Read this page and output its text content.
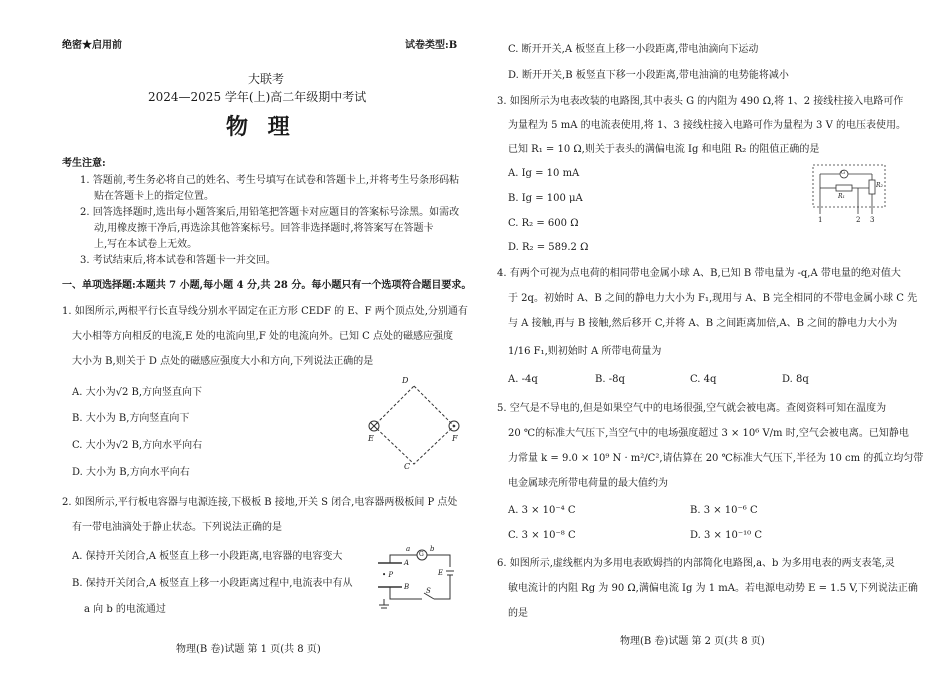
绝密★启用前	试卷类型:B
大联考
2024—2025 学年(上)高二年级期中考试
物 理
考生注意:
1. 答题前,考生务必将自己的姓名、考生号填写在试卷和答题卡上,并将考生号条形码粘
贴在答题卡上的指定位置。
2. 回答选择题时,选出每小题答案后,用铅笔把答题卡对应题目的答案标号涂黑。如需改
动,用橡皮擦干净后,再选涂其他答案标号。回答非选择题时,将答案写在答题卡
上,写在本试卷上无效。
3. 考试结束后,将本试卷和答题卡一并交回。
一、单项选择题:本题共 7 小题,每小题 4 分,共 28 分。每小题只有一个选项符合题目要求。
1. 如图所示,两根平行长直导线分别水平固定在正方形 CEDF 的 E、F 两个顶点处,分别通有
大小相等方向相反的电流,E 处的电流向里,F 处的电流向外。已知 C 点处的磁感应强度
大小为 B,则关于 D 点处的磁感应强度大小和方向,下列说法正确的是
A. 大小为√2 B,方向竖直向下
B. 大小为 B,方向竖直向下
C. 大小为√2 B,方向水平向右
D. 大小为 B,方向水平向右
D
E	F
C
2. 如图所示,平行板电容器与电源连接,下极板 B 接地,开关 S 闭合,电容器两极板间 P 点处
有一带电油滴处于静止状态。下列说法正确的是
A. 保持开关闭合,A 板竖直上移一小段距离,电容器的电容变大
B. 保持开关闭合,A 板竖直上移一小段距离过程中,电流表中有从
a 向 b 的电流通过
a
G
b
A
• P
B
E
S
物理(B 卷)试题 第 1 页(共 8 页)
C. 断开开关,A 板竖直上移一小段距离,带电油滴向下运动
D. 断开开关,B 板竖直下移一小段距离,带电油滴的电势能将减小
3. 如图所示为电表改装的电路图,其中表头 G 的内阻为 490 Ω,将 1、2 接线柱接入电路可作
为量程为 5 mA 的电流表使用,将 1、3 接线柱接入电路可作为量程为 3 V 的电压表使用。
已知 R₁ = 10 Ω,则关于表头的满偏电流 Ig 和电阻 R₂ 的阻值正确的是
A. Ig = 10 mA
B. Ig = 100 μA
C. R₂ = 600 Ω
D. R₂ = 589.2 Ω
G
R₁
R₂
1	2 3
4. 有两个可视为点电荷的相同带电金属小球 A、B,已知 B 带电量为 -q,A 带电量的绝对值大
于 2q。初始时 A、B 之间的静电力大小为 F₁,现用与 A、B 完全相同的不带电金属小球 C 先
与 A 接触,再与 B 接触,然后移开 C,并将 A、B 之间距离加倍,A、B 之间的静电力大小为
1/16 F₁,则初始时 A 所带电荷量为
A. -4q	B. -8q	C. 4q	D. 8q
5. 空气是不导电的,但是如果空气中的电场很强,空气就会被电离。查阅资料可知在温度为
20 ℃的标准大气压下,当空气中的电场强度超过 3 × 10⁶ V/m 时,空气会被电离。已知静电
力常量 k = 9.0 × 10⁹ N · m²/C²,请估算在 20 ℃标准大气压下,半径为 10 cm 的孤立均匀带
电金属球壳所带电荷量的最大值约为
A. 3 × 10⁻⁴ C	B. 3 × 10⁻⁶ C
C. 3 × 10⁻⁸ C	D. 3 × 10⁻¹⁰ C
6. 如图所示,虚线框内为多用电表欧姆挡的内部简化电路图,a、b 为多用电表的两支表笔,灵
敏电流计的内阻 Rg 为 90 Ω,满偏电流 Ig 为 1 mA。若电源电动势 E = 1.5 V,下列说法正确
的是
物理(B 卷)试题 第 2 页(共 8 页)
